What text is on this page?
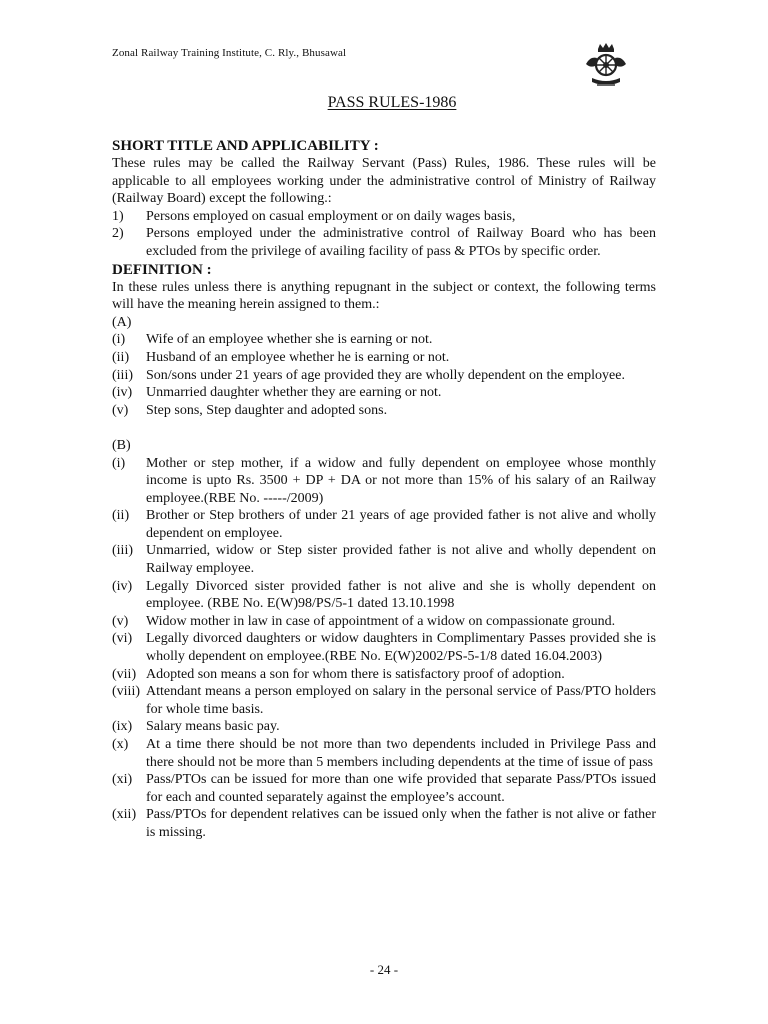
Zonal Railway Training Institute, C. Rly., Bhusawal
PASS RULES-1986

SHORT TITLE AND APPLICABILITY :

These rules may be called the Railway Servant (Pass) Rules, 1986. These rules will be applicable to all employees working under the administrative control of Ministry of Railway (Railway Board) except the following.:

1)	Persons employed on casual employment or on daily wages basis,
2)	Persons employed under the administrative control of Railway Board who has been excluded from the privilege of availing facility of pass & PTOs by specific order.

DEFINITION :

In these rules unless there is anything repugnant in the subject or context, the following terms will have the meaning herein assigned to them.:

(A)

(i)	Wife of an employee whether she is earning or not.
(ii)	Husband of an employee whether he is earning or not.
(iii) Son/sons under 21 years of age provided they are wholly dependent on the employee.
(iv) Unmarried daughter whether they are earning or not.
(v)	Step sons, Step daughter and adopted sons.

(B)

(i)	Mother or step mother, if a widow and fully dependent on employee whose monthly income is upto Rs. 3500 + DP + DA or not more than 15% of his salary of an Railway employee.(RBE No. -----/2009)
(ii)	Brother or Step brothers of under 21 years of age provided father is not alive and wholly dependent on employee.
(iii) Unmarried, widow or Step sister provided father is not alive and wholly dependent on Railway employee.
(iv) Legally Divorced sister provided father is not alive and she is wholly dependent on employee. (RBE No. E(W)98/PS/5-1 dated 13.10.1998
(v)	Widow mother in law in case of appointment of a widow on compassionate ground.
(vi) Legally divorced daughters or widow daughters in Complimentary Passes provided she is wholly dependent on employee.(RBE No. E(W)2002/PS-5-1/8 dated 16.04.2003)
(vii) Adopted son means a son for whom there is satisfactory proof of adoption.
(viii) Attendant means a person employed on salary in the personal service of Pass/PTO holders for whole time basis.
(ix) Salary means basic pay.
(x)	At a time there should be not more than two dependents included in Privilege Pass and there should not be more than 5 members including dependents at the time of issue of pass
(xi) Pass/PTOs can be issued for more than one wife provided that separate Pass/PTOs issued for each and counted separately against the employee’s account.
(xii) Pass/PTOs for dependent relatives can be issued only when the father is not alive or father is missing.
- 24 -
